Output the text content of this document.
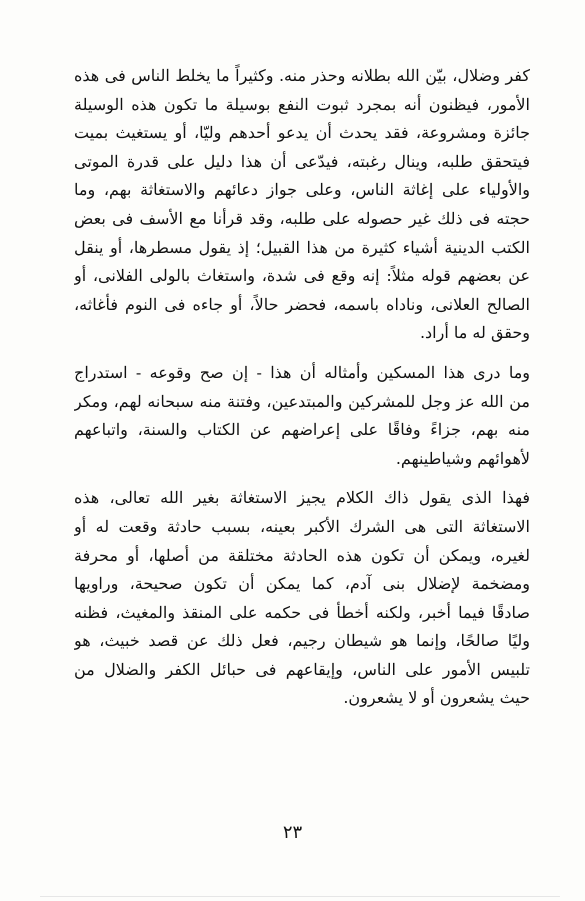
كفر وضلال، بيّن الله بطلانه وحذر منه. وكثيراً ما يخلط الناس فى هذه
الأمور، فيظنون أنه بمجرد ثبوت النفع بوسيلة ما تكون هذه الوسيلة
جائزة ومشروعة، فقد يحدث أن يدعو أحدهم وليّا، أو يستغيث بميت
فيتحقق طلبه، وينال رغبته، فيدّعى أن هذا دليل على قدرة الموتى
والأولياء على إغاثة الناس، وعلى جواز دعائهم والاستغاثة بهم، وما
حجته فى ذلك غير حصوله على طلبه، وقد قرأنا مع الأسف فى بعض
الكتب الدينية أشياء كثيرة من هذا القبيل؛ إذ يقول مسطرها، أو ينقل
عن بعضهم قوله مثلاً: إنه وقع فى شدة، واستغاث بالولى الفلانى، أو
الصالح العلانى، وناداه باسمه، فحضر حالاً، أو جاءه فى النوم فأغاثه،
وحقق له ما أراد.

وما درى هذا المسكين وأمثاله أن هذا - إن صح وقوعه - استدراج
من الله عز وجل للمشركين والمبتدعين، وفتنة منه سبحانه لهم، ومكر
منه بهم، جزاءً وفاقًا على إعراضهم عن الكتاب والسنة، واتباعهم
لأهوائهم وشياطينهم.

فهذا الذى يقول ذاك الكلام يجيز الاستغاثة بغير الله تعالى، هذه
الاستغاثة التى هى الشرك الأكبر بعينه، بسبب حادثة وقعت له أو
لغيره، ويمكن أن تكون هذه الحادثة مختلقة من أصلها، أو محرفة
ومضخمة لإضلال بنى آدم، كما يمكن أن تكون صحيحة، وراويها
صادقًا فيما أخبر، ولكنه أخطأ فى حكمه على المنقذ والمغيث، فظنه
وليًا صالحًا، وإنما هو شيطان رجيم، فعل ذلك عن قصد خبيث، هو
تلبيس الأمور على الناس، وإيقاعهم فى حبائل الكفر والضلال من
حيث يشعرون أو لا يشعرون.

٢٣
